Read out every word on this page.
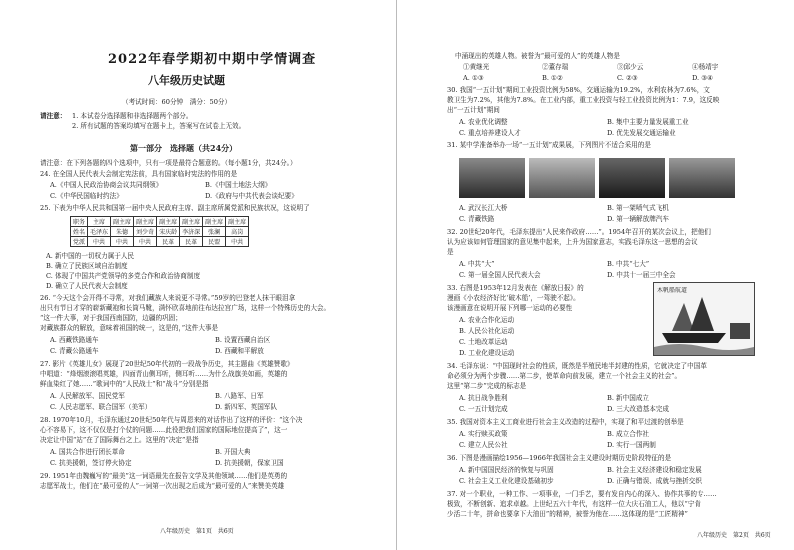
2022年春学期初中期中学情调查
八年级历史试题
（考试时间：60分钟　满分：50分）
请注意： 1. 本试卷分选择题和非选择题两个部分。
2. 所有试题的答案均填写在题卡上，答案写在试卷上无效。
第一部分　选择题（共24分）
请注意：在下列各题的四个选项中，只有一项是最符合题意的。（每小题1分，共24分。）
24. 在全国人民代表大会制定宪法前，具有国家临时宪法的作用的是
A.《中国人民政治协商会议共同纲领》	B.《中国土地法大纲》
C.《中华民国临时约法》	D.《政府与中共代表会谈纪要》
25. 下表为中华人民共和国第一届中央人民政府主席、副主席所属党派和民族状况，这说明了
职务	主席	副主席	副主席	副主席	副主席	副主席	副主席
姓名	毛泽东	朱德	刘少奇	宋庆龄	李济深	张澜	高岗
党派	中共	中共	中共	民革	民革	民盟	中共
A. 新中国的一切权力属于人民
B. 确立了民族区域自治制度
C. 体现了中国共产党领导的多党合作和政治协商制度
D. 确立了人民代表大会制度
26. “今天这个会开得不寻常，对我们藏族人来说更不寻常。”59岁的巴登老人抹干眼泪拿
出只有节日才穿的崭新藏袍和长筒马靴，满怀欣喜地前往布达拉宫广场，这样一个特殊历史的大会。
“这一件大事，对于我国西南国防，边疆的巩固；
对藏族群众的解放，意味着祖国的统一，这是的，”这件大事是
A. 西藏铁路通车	B. 设置西藏自治区
C. 青藏公路通车	D. 西藏和平解放
27. 影片《英雄儿女》展现了20世纪50年代初的一段战争历史，其主题曲《英雄赞歌》
中唱道：“烽烟滚滚唱英雄，四面青山侧耳听，侧耳听……为什么战旗美如画，英雄的
鲜血染红了她……”歌词中的“人民战士”和“战斗”分别是指
A. 人民解放军、国民党军	B. 八路军、日军
C. 人民志愿军、联合国军（美军）	D. 新四军、英国军队
28. 1970年10月，毛泽东通过20世纪50年代与周恩来的对话作出了这样的评价：“这个决
心不容易下，这不仅仅是打个仗的问题……此役把我们国家的国际地位提高了”，这一
决定让中国“站”在了国际舞台之上。这里的“决定”是指
A. 国共合作进行团长革命	B. 开国大典
C. 抗美援朝，签订停火协定	D. 抗美援朝，保家卫国
29. 1951年由魏巍写的“最美”这一词语最先在报告文学及其他领域……他们是英勇的
志愿军战士，他们在“最可爱的人”一词第一次出现之后成为“最可爱的人”来赞美英雄
八年级历史　第1页　共6页
中涌现出的英雄人物。被誉为“最可爱的人”的英雄人物是
①黄继光	②董存瑞	③邱少云	④杨靖宇
A. ①③	B. ①②	C. ②③	D. ③④
30. 我国“一五计划”期间工业投资比例为58%，交通运输为19.2%，水利农林为7.6%，文
教卫生为7.2%，其他为7.8%。在工业内部，重工业投资与轻工业投资比例为1：7.9，这反映
出“一五计划”期间
A. 农业优化调整	B. 集中主要力量发展重工业
C. 重点培养建设人才	D. 优先发展交通运输业
31. 某中学准备举办一场“一五计划”成果展，下列图片不适合采用的是
A. 武汉长江大桥	B. 第一架喷气式飞机
C. 青藏铁路	D. 第一辆解放牌汽车
32. 20世纪20年代，毛泽东提出“人民来作政府……”。1954年召开的某次会议上，把他们
认为应该如何管理国家的意见集中起来，上升为国家意志，实践毛泽东这一思想的会议
是
A. 中共“大”	B. 中共“七大”
C. 第一届全国人民代表大会	D. 中共十一届三中全会
33. 右图是1953年12月发表在《解放日报》的
漫画《小农经济好比‘破木船’，一驾驶不起》。
该漫画意在说明开展下列哪一运动的必要性
A. 农业合作化运动
B. 人民公社化运动
C. 土地改革运动
D. 工业化建设运动
木帆船航道
34. 毛泽东说：“中国现时社会的性质，既然是半殖民地半封建的性质，它就决定了中国革
命必须分为两个步骤……第二步，使革命向前发展，建立一个社会主义的社会”。
这里“第二步”完成的标志是
A. 抗日战争胜利	B. 新中国成立
C. 一五计划完成	D. 三大改造基本完成
35. 我国对资本主义工商业进行社会主义改造的过程中，实现了和平过渡的创举是
A. 实行赎买政策	B. 成立合作社
C. 建立人民公社	D. 实行一国两制
36. 下图是漫画描绘1956—1966年我国社会主义建设时期历史阶段特征的是
A. 新中国国民经济的恢复与巩固	B. 社会主义经济建设和稳定发展
C. 社会主义工业化建设基础初步	D. 正确与错误、成就与挫折交织
37. 对一个职业，一种工作、一项事业，一门手艺，要有发自内心的深入、协作共事的专……
极致，不断创新、追求卓越。上世纪五六十年代，有这样一位大庆石油工人，他以“宁肯
少活二十年，拼命也要拿下大油田”的精神，被誉为他在……这体现的是“工匠精神”
八年级历史　第2页　共6页
